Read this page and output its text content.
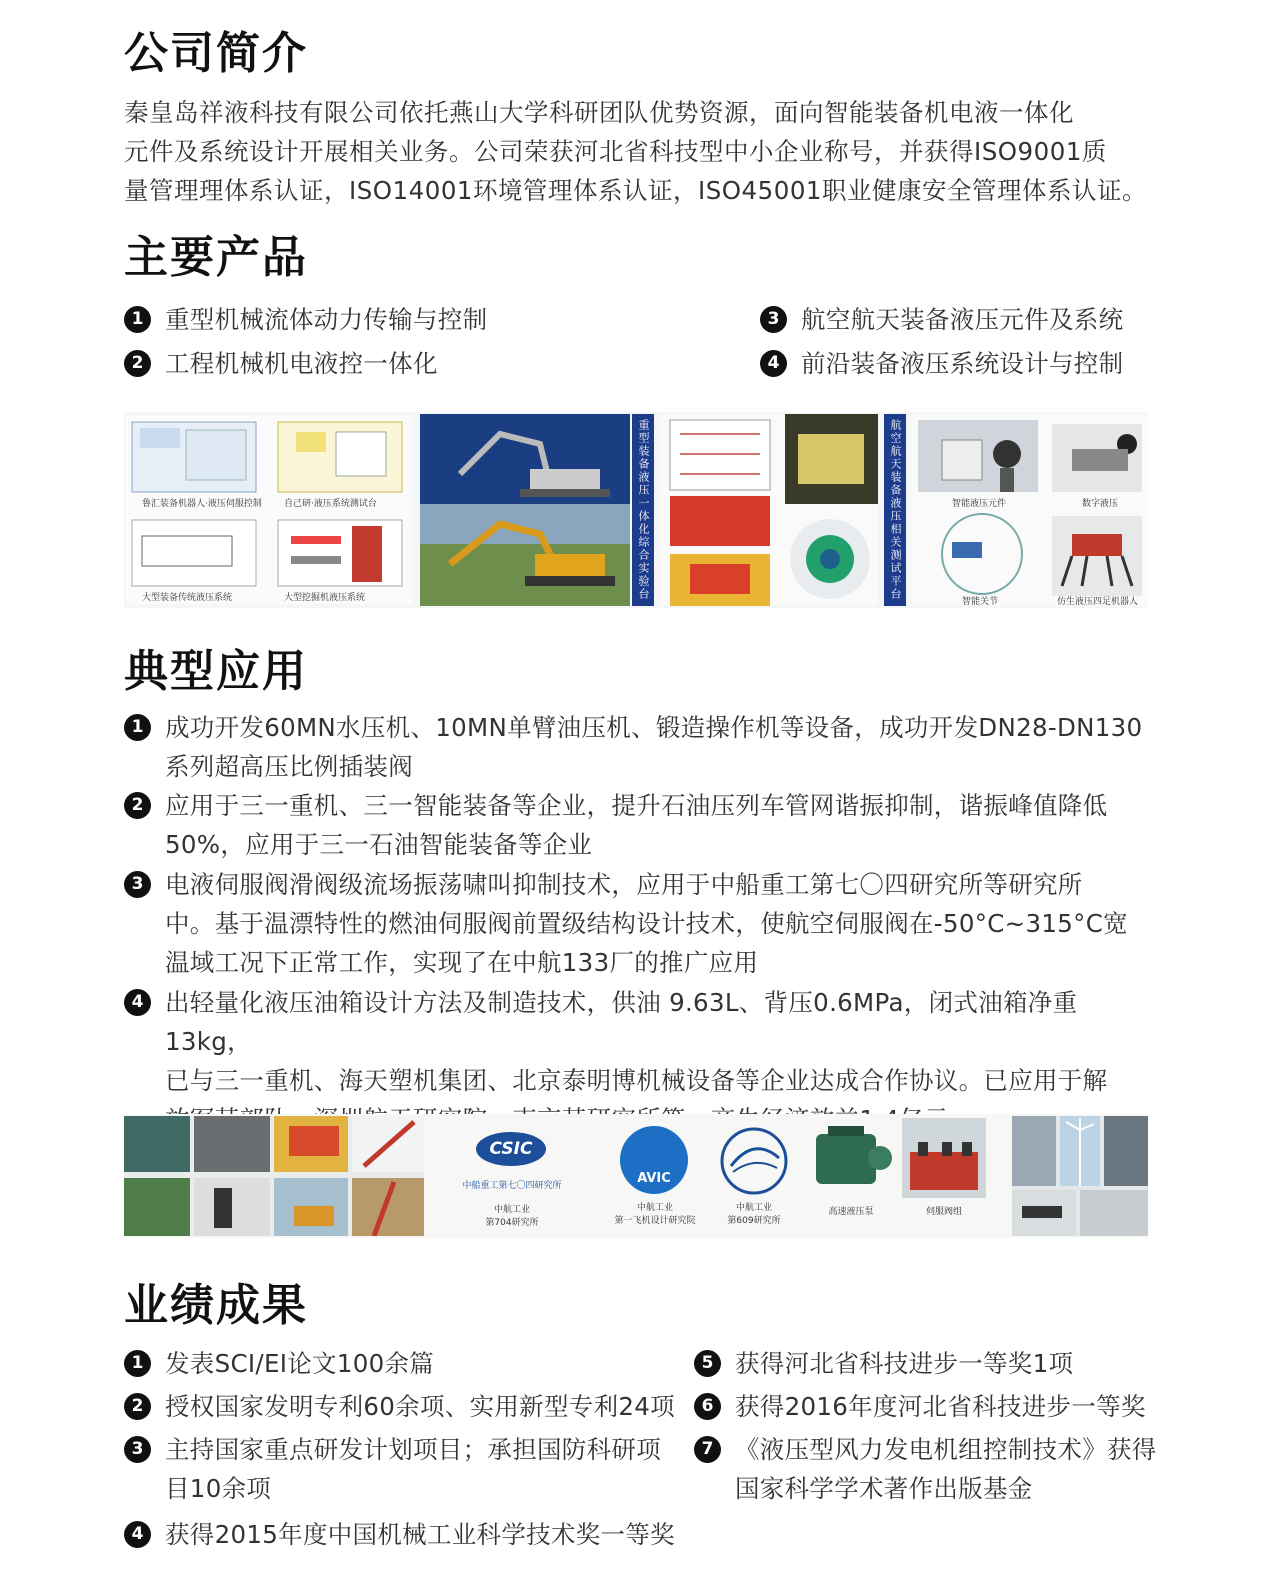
公司简介
秦皇岛祥液科技有限公司依托燕山大学科研团队优势资源，面向智能装备机电液一体化
元件及系统设计开展相关业务。公司荣获河北省科技型中小企业称号，并获得ISO9001质
量管理理体系认证，ISO14001环境管理体系认证，ISO45001职业健康安全管理体系认证。
主要产品
1 重型机械流体动力传输与控制
2 工程机械机电液控一体化
3 航空航天装备液压元件及系统
4 前沿装备液压系统设计与控制
鲁汇装备机器人·液压伺服控制 自己研·液压系统测试台
大型装备传统液压系统	大型挖掘机液压系统	重型装备液压一体化综合实验台	航空航天装备液压相关测试平台	智能液压元件	数字液压
智能关节	仿生液压四足机器人
典型应用
1 成功开发60MN水压机、10MN单臂油压机、锻造操作机等设备，成功开发DN28-DN130
系列超高压比例插装阀
2 应用于三一重机、三一智能装备等企业，提升石油压列车管网谐振抑制，谐振峰值降低
50%，应用于三一石油智能装备等企业
3 电液伺服阀滑阀级流场振荡啸叫抑制技术，应用于中船重工第七〇四研究所等研究所
中。基于温漂特性的燃油伺服阀前置级结构设计技术，使航空伺服阀在-50°C~315°C宽
温域工况下正常工作，实现了在中航133厂的推广应用
4 出轻量化液压油箱设计方法及制造技术，供油 9.63L、背压0.6MPa，闭式油箱净重13kg，
已与三一重机、海天塑机集团、北京泰明博机械设备等企业达成合作协议。已应用于解
CSIC
中船重工第七〇四研究所
中航工业
第704研究所
AVIC
中航工业
第一飞机设计研究院
中航工业
第609研究所
高速液压泵	伺服阀组
业绩成果
1 发表SCI/EI论文100余篇
2 授权国家发明专利60余项、实用新型专利24项
3 主持国家重点研发计划项目；承担国防科研项
目10余项
4 获得2015年度中国机械工业科学技术奖一等奖
5 获得河北省科技进步一等奖1项
6 获得2016年度河北省科技进步一等奖
7 《液压型风力发电机组控制技术》获得
国家科学学术著作出版基金
